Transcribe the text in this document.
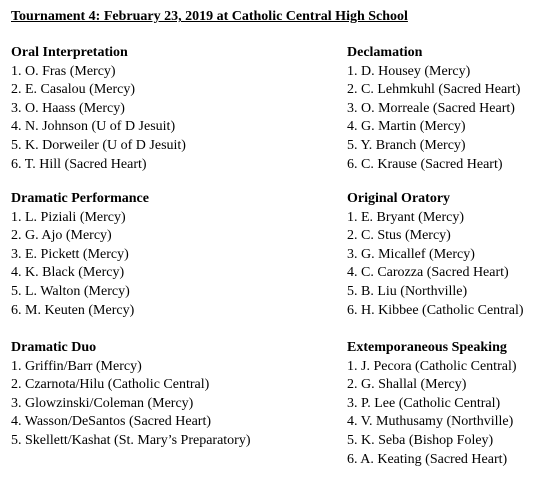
Tournament 4: February 23, 2019 at Catholic Central High School
Oral Interpretation
1. O. Fras (Mercy)
2. E. Casalou (Mercy)
3. O. Haass (Mercy)
4. N. Johnson (U of D Jesuit)
5. K. Dorweiler (U of D Jesuit)
6. T. Hill (Sacred Heart)
Declamation
1. D. Housey (Mercy)
2. C. Lehmkuhl (Sacred Heart)
3. O. Morreale (Sacred Heart)
4. G. Martin (Mercy)
5. Y. Branch (Mercy)
6. C. Krause (Sacred Heart)
Dramatic Performance
1. L. Piziali (Mercy)
2. G. Ajo (Mercy)
3. E. Pickett (Mercy)
4. K. Black (Mercy)
5. L. Walton (Mercy)
6. M. Keuten (Mercy)
Original Oratory
1. E. Bryant (Mercy)
2. C. Stus (Mercy)
3. G. Micallef (Mercy)
4. C. Carozza (Sacred Heart)
5. B. Liu (Northville)
6. H. Kibbee (Catholic Central)
Dramatic Duo
1. Griffin/Barr (Mercy)
2. Czarnota/Hilu (Catholic Central)
3. Glowzinski/Coleman (Mercy)
4. Wasson/DeSantos (Sacred Heart)
5. Skellett/Kashat (St. Mary’s Preparatory)
Extemporaneous Speaking
1. J. Pecora (Catholic Central)
2. G. Shallal (Mercy)
3. P. Lee (Catholic Central)
4. V. Muthusamy (Northville)
5. K. Seba (Bishop Foley)
6. A. Keating (Sacred Heart)
